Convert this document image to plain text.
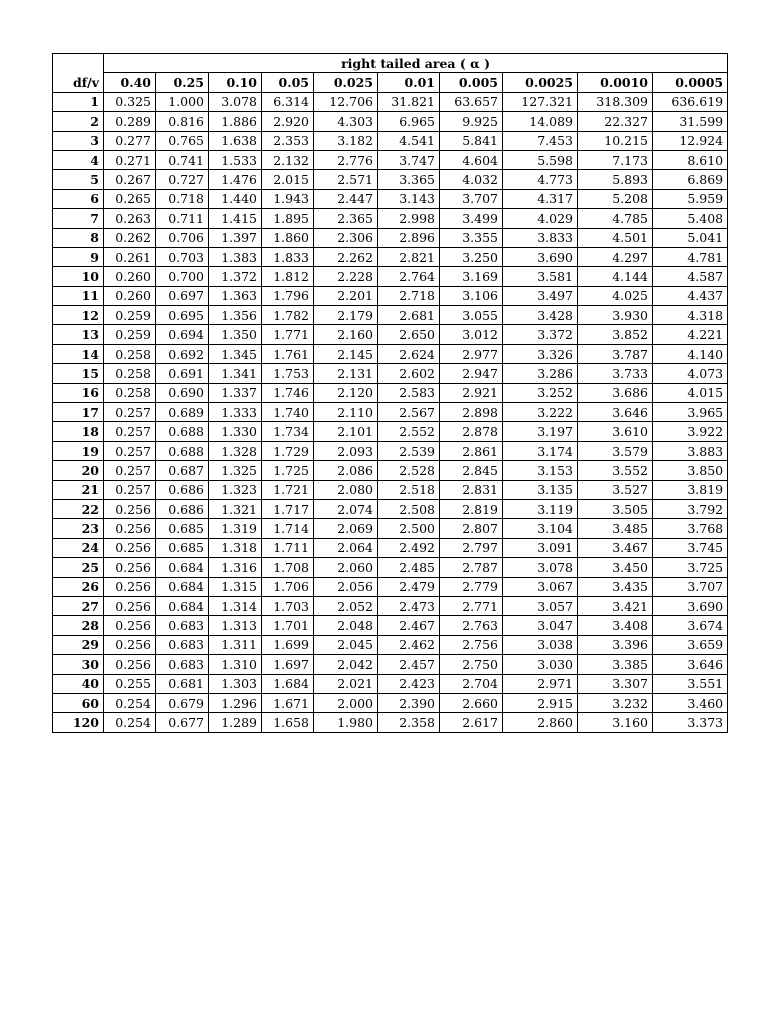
	right tailed area ( α )									
df/v	0.40	0.25	0.10	0.05	0.025	0.01	0.005	0.0025	0.0010	0.0005
1	0.325	1.000	3.078	6.314	12.706	31.821	63.657	127.321	318.309	636.619
2	0.289	0.816	1.886	2.920	4.303	6.965	9.925	14.089	22.327	31.599
3	0.277	0.765	1.638	2.353	3.182	4.541	5.841	7.453	10.215	12.924
4	0.271	0.741	1.533	2.132	2.776	3.747	4.604	5.598	7.173	8.610
5	0.267	0.727	1.476	2.015	2.571	3.365	4.032	4.773	5.893	6.869
6	0.265	0.718	1.440	1.943	2.447	3.143	3.707	4.317	5.208	5.959
7	0.263	0.711	1.415	1.895	2.365	2.998	3.499	4.029	4.785	5.408
8	0.262	0.706	1.397	1.860	2.306	2.896	3.355	3.833	4.501	5.041
9	0.261	0.703	1.383	1.833	2.262	2.821	3.250	3.690	4.297	4.781
10	0.260	0.700	1.372	1.812	2.228	2.764	3.169	3.581	4.144	4.587
11	0.260	0.697	1.363	1.796	2.201	2.718	3.106	3.497	4.025	4.437
12	0.259	0.695	1.356	1.782	2.179	2.681	3.055	3.428	3.930	4.318
13	0.259	0.694	1.350	1.771	2.160	2.650	3.012	3.372	3.852	4.221
14	0.258	0.692	1.345	1.761	2.145	2.624	2.977	3.326	3.787	4.140
15	0.258	0.691	1.341	1.753	2.131	2.602	2.947	3.286	3.733	4.073
16	0.258	0.690	1.337	1.746	2.120	2.583	2.921	3.252	3.686	4.015
17	0.257	0.689	1.333	1.740	2.110	2.567	2.898	3.222	3.646	3.965
18	0.257	0.688	1.330	1.734	2.101	2.552	2.878	3.197	3.610	3.922
19	0.257	0.688	1.328	1.729	2.093	2.539	2.861	3.174	3.579	3.883
20	0.257	0.687	1.325	1.725	2.086	2.528	2.845	3.153	3.552	3.850
21	0.257	0.686	1.323	1.721	2.080	2.518	2.831	3.135	3.527	3.819
22	0.256	0.686	1.321	1.717	2.074	2.508	2.819	3.119	3.505	3.792
23	0.256	0.685	1.319	1.714	2.069	2.500	2.807	3.104	3.485	3.768
24	0.256	0.685	1.318	1.711	2.064	2.492	2.797	3.091	3.467	3.745
25	0.256	0.684	1.316	1.708	2.060	2.485	2.787	3.078	3.450	3.725
26	0.256	0.684	1.315	1.706	2.056	2.479	2.779	3.067	3.435	3.707
27	0.256	0.684	1.314	1.703	2.052	2.473	2.771	3.057	3.421	3.690
28	0.256	0.683	1.313	1.701	2.048	2.467	2.763	3.047	3.408	3.674
29	0.256	0.683	1.311	1.699	2.045	2.462	2.756	3.038	3.396	3.659
30	0.256	0.683	1.310	1.697	2.042	2.457	2.750	3.030	3.385	3.646
40	0.255	0.681	1.303	1.684	2.021	2.423	2.704	2.971	3.307	3.551
60	0.254	0.679	1.296	1.671	2.000	2.390	2.660	2.915	3.232	3.460
120	0.254	0.677	1.289	1.658	1.980	2.358	2.617	2.860	3.160	3.373
